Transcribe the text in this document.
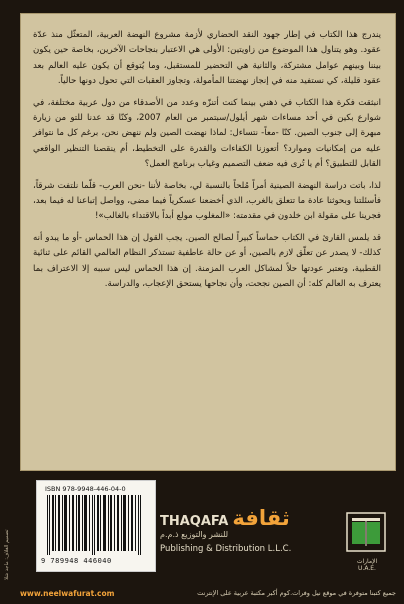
يندرج هذا الكتاب في إطار جهود النقد الحضاري لأزمة مشروع النهضة العربية، المتعثّل منذ عدّة عقود. وهو يتناول هذا الموضوع من زاويتين: الأولى هي الاعتبار بنجاحات الآخرين، بخاصة حين يكون بيننا وبينهم عوامل مشتركة، والثانية هي التحضير للمستقبل، وما يُتوقع أن يكون عليه العالم بعد عقود قليلة، كي نستفيد منه في إنجاز نهضتنا المأمولة، وتجاوز العقبات التي تحول دونها حالياً.

انبثقت فكرة هذا الكتاب في ذهني بينما كنت أتنزّه وعدد من الأصدقاء من دول عربية مختلفة، في شوارع بكين في أحد مساءات شهر أيلول/سبتمبر من العام 2007، وكنّا قد عدنا للتو من زيارة مبهرة إلى جنوب الصين. كنّا -معاً- نتساءل: لماذا نهضت الصين ولم ننهض نحن، برغم كل ما نتوافر عليه من إمكانيات وموارد؟ أتعوزنا الكفاءات والقدرة على التخطيط، أم ينقصنا التنظير الواقعي القابل للتطبيق؟ أم يا تُرى فيه ضعف التصميم وغياب برنامج العمل؟

لذا، باتت دراسة النهضة الصينية أمراً مُلحاً بالنسبة لي، بخاصة لأننا -نحن العرب- قلّما نلتفت شرقاً، فأسئلتنا وبحوثنا عادة ما تتعلق بالغرب، الذي أخضعنا عسكرياً فيما مضى، وواصل إتباعنا له فيما بعد، فجرينا على مقولة ابن خلدون في مقدمته: «المغلوب مولع أبداً بالاقتداء بالغالب»!

قد يلمس القارئ في الكتاب حماساً كبيراً لصالح الصين. يجب القول إن هذا الحماس -أو ما يبدو أنه كذلك- لا يصدر عن تعلّق لازم بالصين، أو عن حالة عاطفية تستذكر النظام العالمي القائم على ثنائية القطبية، وتعتبر عودتها حلاً لمشاكل العرب المزمنة. إن هذا الحماس ليس سببه إلا الاعتراف بما يعترف به العالم كله: أن الصين نجحت، وأن نجاحها يستحق الإعجاب، والدراسة.

تصميم الغلاف: ماجد شلا
ISBN 978-9948-446-04-0
9 789948 446040
THAQAFA ثقافة
للنشر والتوزيع ذ.م.م
Publishing & Distribution L.L.C.
الإمارات U.A.E.
www.neelwafurat.com	جميع كتبنا متوفرة في موقع نيل وفرات.كوم أكبر مكتبة عربية على الإنترنت
